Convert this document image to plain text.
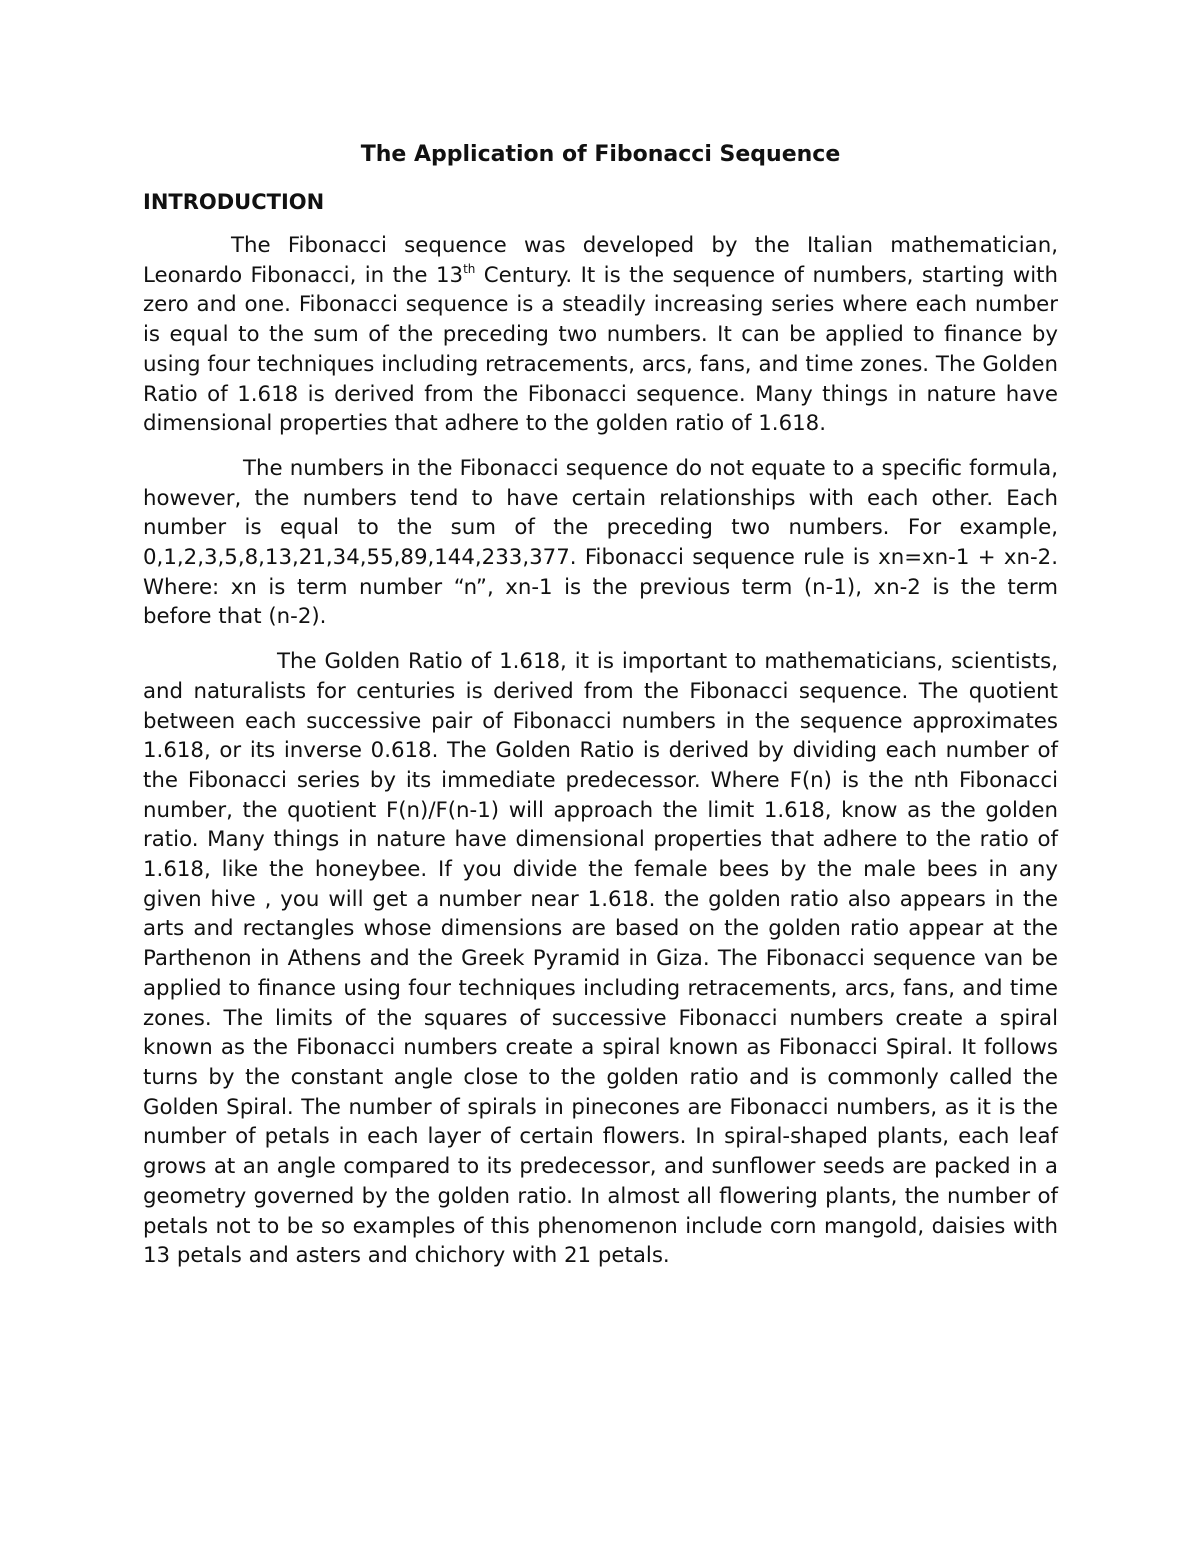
The Application of Fibonacci Sequence
INTRODUCTION

The Fibonacci sequence was developed by the Italian mathematician, Leonardo Fibonacci, in the 13th Century. It is the sequence of numbers, starting with zero and one. Fibonacci sequence is a steadily increasing series where each number is equal to the sum of the preceding two numbers. It can be applied to finance by using four techniques including retracements, arcs, fans, and time zones. The Golden Ratio of 1.618 is derived from the Fibonacci sequence. Many things in nature have dimensional properties that adhere to the golden ratio of 1.618.

The numbers in the Fibonacci sequence do not equate to a specific formula, however, the numbers tend to have certain relationships with each other. Each number is equal to the sum of the preceding two numbers. For example, 0,1,2,3,5,8,13,21,34,55,89,144,233,377. Fibonacci sequence rule is xn=xn-1 + xn-2. Where: xn is term number “n”, xn-1 is the previous term (n-1), xn-2 is the term before that (n-2).

The Golden Ratio of 1.618, it is important to mathematicians, scientists, and naturalists for centuries is derived from the Fibonacci sequence. The quotient between each successive pair of Fibonacci numbers in the sequence approximates 1.618, or its inverse 0.618. The Golden Ratio is derived by dividing each number of the Fibonacci series by its immediate predecessor. Where F(n) is the nth Fibonacci number, the quotient F(n)/F(n-1) will approach the limit 1.618, know as the golden ratio. Many things in nature have dimensional properties that adhere to the ratio of 1.618, like the honeybee. If you divide the female bees by the male bees in any given hive , you will get a number near 1.618. the golden ratio also appears in the arts and rectangles whose dimensions are based on the golden ratio appear at the Parthenon in Athens and the Greek Pyramid in Giza. The Fibonacci sequence van be applied to finance using four techniques including retracements, arcs, fans, and time zones. The limits of the squares of successive Fibonacci numbers create a spiral known as the Fibonacci numbers create a spiral known as Fibonacci Spiral. It follows turns by the constant angle close to the golden ratio and is commonly called the Golden Spiral. The number of spirals in pinecones are Fibonacci numbers, as it is the number of petals in each layer of certain flowers. In spiral-shaped plants, each leaf grows at an angle compared to its predecessor, and sunflower seeds are packed in a geometry governed by the golden ratio. In almost all flowering plants, the number of petals not to be so examples of this phenomenon include corn mangold, daisies with 13 petals and asters and chichory with 21 petals.
